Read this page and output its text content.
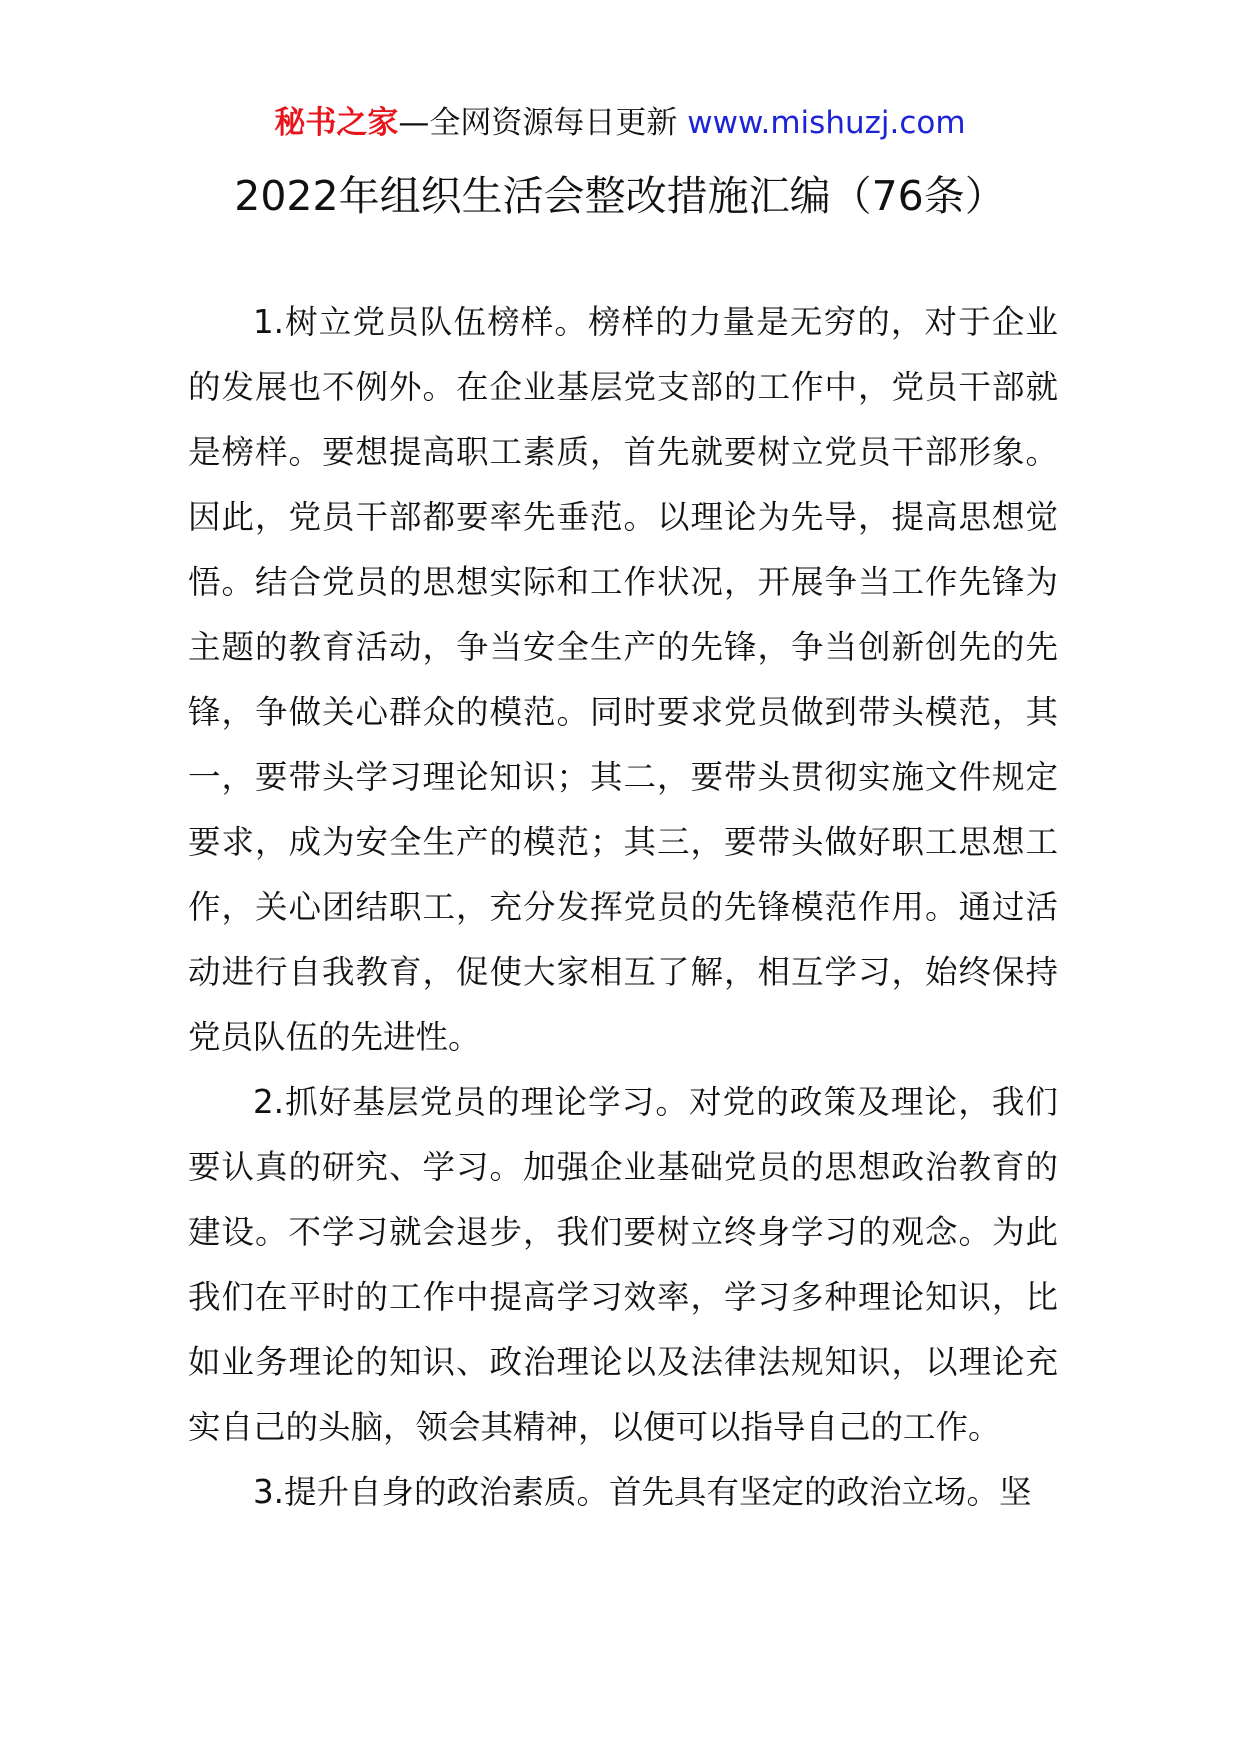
秘书之家—全网资源每日更新 www.mishuzj.com
2022年组织生活会整改措施汇编（76条）

1.树立党员队伍榜样。榜样的力量是无穷的，对于企业的发展也不例外。在企业基层党支部的工作中，党员干部就是榜样。要想提高职工素质，首先就要树立党员干部形象。因此，党员干部都要率先垂范。以理论为先导，提高思想觉悟。结合党员的思想实际和工作状况，开展争当工作先锋为主题的教育活动，争当安全生产的先锋，争当创新创先的先锋，争做关心群众的模范。同时要求党员做到带头模范，其一，要带头学习理论知识；其二，要带头贯彻实施文件规定要求，成为安全生产的模范；其三，要带头做好职工思想工作，关心团结职工，充分发挥党员的先锋模范作用。通过活动进行自我教育，促使大家相互了解，相互学习，始终保持党员队伍的先进性。

2.抓好基层党员的理论学习。对党的政策及理论，我们要认真的研究、学习。加强企业基础党员的思想政治教育的建设。不学习就会退步，我们要树立终身学习的观念。为此我们在平时的工作中提高学习效率，学习多种理论知识，比如业务理论的知识、政治理论以及法律法规知识，以理论充实自己的头脑，领会其精神，以便可以指导自己的工作。

3.提升自身的政治素质。首先具有坚定的政治立场。坚
